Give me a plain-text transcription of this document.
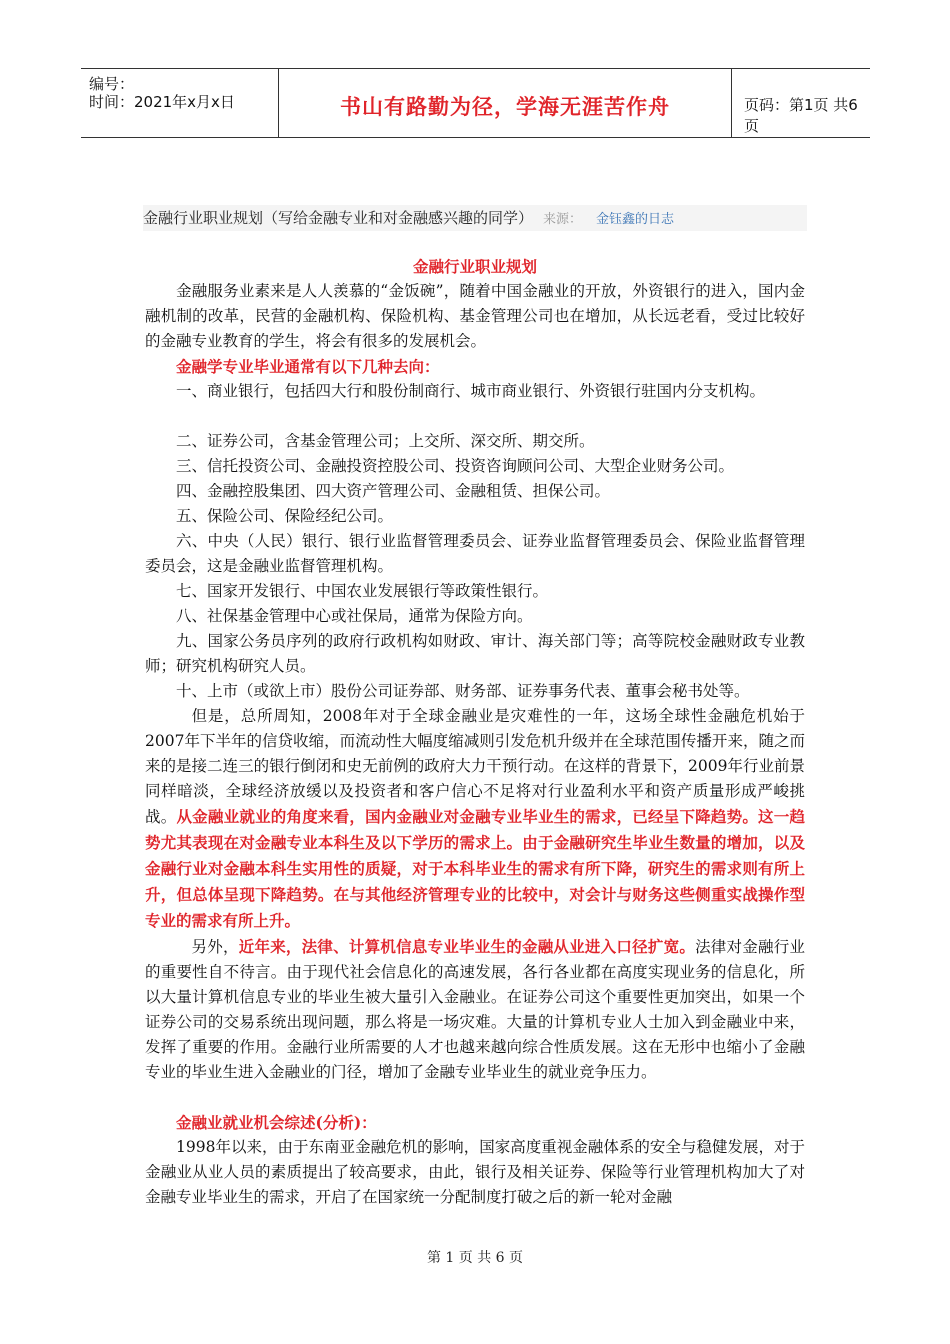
编号：
时间：2021年x月x日	书山有路勤为径，学海无涯苦作舟	页码：第1页 共6页
金融行业职业规划（写给金融专业和对金融感兴趣的同学） 来源： 金钰鑫的日志

金融行业职业规划

金融服务业素来是人人羡慕的“金饭碗”，随着中国金融业的开放，外资银行的进入，国内金融机制的改革，民营的金融机构、保险机构、基金管理公司也在增加，从长远老看，受过比较好的金融专业教育的学生，将会有很多的发展机会。

金融学专业毕业通常有以下几种去向：

一、商业银行，包括四大行和股份制商行、城市商业银行、外资银行驻国内分支机构。

二、证券公司，含基金管理公司；上交所、深交所、期交所。

三、信托投资公司、金融投资控股公司、投资咨询顾问公司、大型企业财务公司。

四、金融控股集团、四大资产管理公司、金融租赁、担保公司。

五、保险公司、保险经纪公司。

六、中央（人民）银行、银行业监督管理委员会、证券业监督管理委员会、保险业监督管理委员会，这是金融业监督管理机构。

七、国家开发银行、中国农业发展银行等政策性银行。

八、社保基金管理中心或社保局，通常为保险方向。

九、国家公务员序列的政府行政机构如财政、审计、海关部门等；高等院校金融财政专业教师；研究机构研究人员。

十、上市（或欲上市）股份公司证券部、财务部、证券事务代表、董事会秘书处等。

但是，总所周知，2008年对于全球金融业是灾难性的一年，这场全球性金融危机始于2007年下半年的信贷收缩，而流动性大幅度缩减则引发危机升级并在全球范围传播开来，随之而来的是接二连三的银行倒闭和史无前例的政府大力干预行动。在这样的背景下，2009年行业前景同样暗淡，全球经济放缓以及投资者和客户信心不足将对行业盈利水平和资产质量形成严峻挑战。从金融业就业的角度来看，国内金融业对金融专业毕业生的需求，已经呈下降趋势。这一趋势尤其表现在对金融专业本科生及以下学历的需求上。由于金融研究生毕业生数量的增加，以及金融行业对金融本科生实用性的质疑，对于本科毕业生的需求有所下降，研究生的需求则有所上升，但总体呈现下降趋势。在与其他经济管理专业的比较中，对会计与财务这些侧重实战操作型专业的需求有所上升。

另外，近年来，法律、计算机信息专业毕业生的金融从业进入口径扩宽。法律对金融行业的重要性自不待言。由于现代社会信息化的高速发展，各行各业都在高度实现业务的信息化，所以大量计算机信息专业的毕业生被大量引入金融业。在证券公司这个重要性更加突出，如果一个证券公司的交易系统出现问题，那么将是一场灾难。大量的计算机专业人士加入到金融业中来，发挥了重要的作用。金融行业所需要的人才也越来越向综合性质发展。这在无形中也缩小了金融专业的毕业生进入金融业的门径，增加了金融专业毕业生的就业竞争压力。

金融业就业机会综述(分析)：

1998年以来，由于东南亚金融危机的影响，国家高度重视金融体系的安全与稳健发展，对于金融业从业人员的素质提出了较高要求，由此，银行及相关证券、保险等行业管理机构加大了对金融专业毕业生的需求，开启了在国家统一分配制度打破之后的新一轮对金融

第 1 页 共 6 页
